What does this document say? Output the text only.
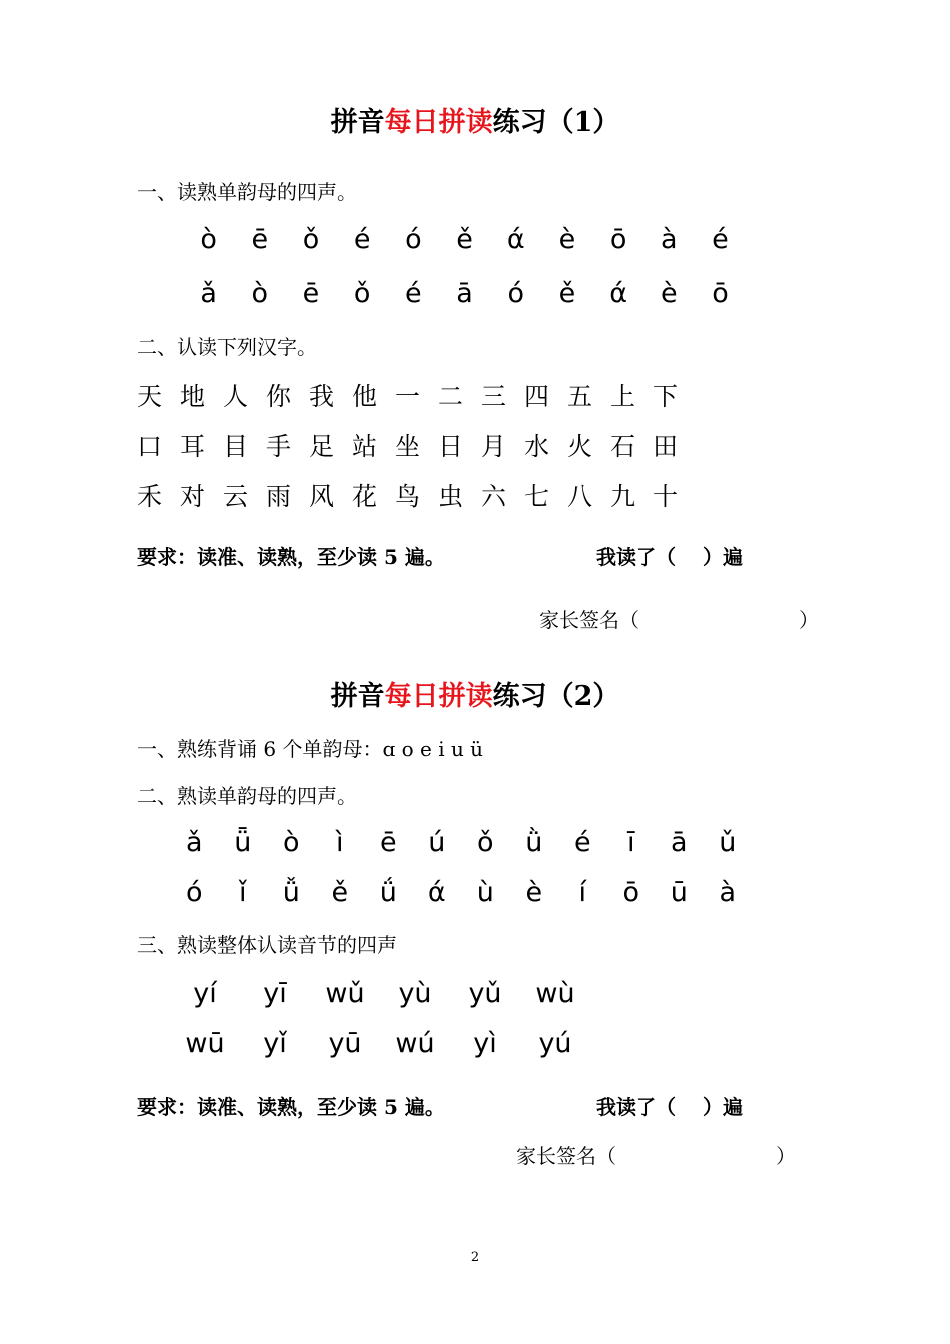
拼音每日拼读练习（1）
一、读熟单韵母的四声。
ò	ē	ǒ	é	ó	ě	ά	è	ō	à	é
ǎ	ò	ē	ǒ	é	ā	ó	ě	ά	è	ō
二、认读下列汉字。
天 地 人 你 我 他 一 二 三 四 五 上 下
口 耳 目 手 足 站 坐 日 月 水 火 石 田
禾 对 云 雨 风 花 鸟 虫 六 七 八 九 十
要求：读准、读熟，至少读 5 遍。	我读了（　 ）遍
家长签名（　　　　　　　　）
拼音每日拼读练习（2）
一、熟练背诵 6 个单韵母：ɑ o e i u ü
二、熟读单韵母的四声。
ǎ	ǖ	ò	ì	ē	ú	ǒ	ǜ	é	ī	ā	ǔ
ó	ǐ	ǚ	ě	ǘ	ά	ù	è	í	ō	ū	à
三、熟读整体认读音节的四声
yí	yī	wǔ	yù	yǔ	wù
wū	yǐ	yū	wú	yì	yú
要求：读准、读熟，至少读 5 遍。	我读了（　 ）遍
家长签名（　　　　　　　　）
2
